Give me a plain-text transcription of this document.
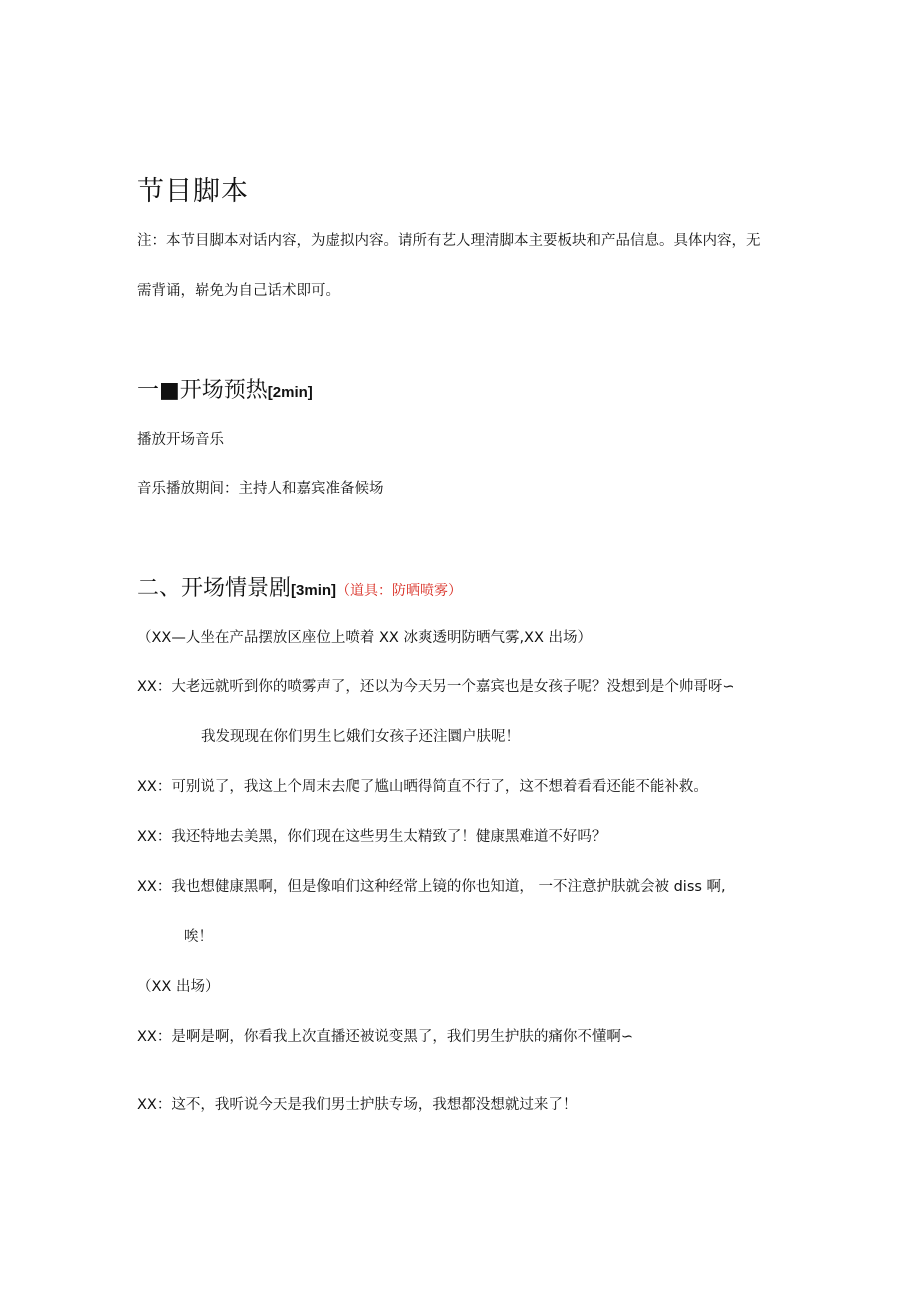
节目脚本

注：本节目脚本对话内容，为虚拟内容。请所有艺人理清脚本主要板块和产品信息。具体内容，无

需背诵，崭免为自己话术即可。

一■开场预热[2min]

播放开场音乐

音乐播放期间：主持人和嘉宾准备候场

二、开场情景剧[3min]（道具：防晒喷雾）

（XX—人坐在产品摆放区座位上喷着 XX 冰爽透明防晒气雾,XX 出场）

XX：大老远就听到你的喷雾声了，还以为今天另一个嘉宾也是女孩子呢？没想到是个帅哥呀∽

我发现现在你们男生匕娥们女孩子还注圜户肤呢！

XX：可别说了，我这上个周末去爬了尴山晒得简直不行了，这不想着看看还能不能补救。

XX：我还特地去美黑，你们现在这些男生太精致了！健康黑难道不好吗？

XX：我也想健康黑啊，但是像咱们这种经常上镜的你也知道， 一不注意护肤就会被 diss 啊,

唉！

（XX 出场）

XX：是啊是啊，你看我上次直播还被说变黑了，我们男生护肤的痛你不懂啊∽

XX：这不，我听说今天是我们男士护肤专场，我想都没想就过来了！
